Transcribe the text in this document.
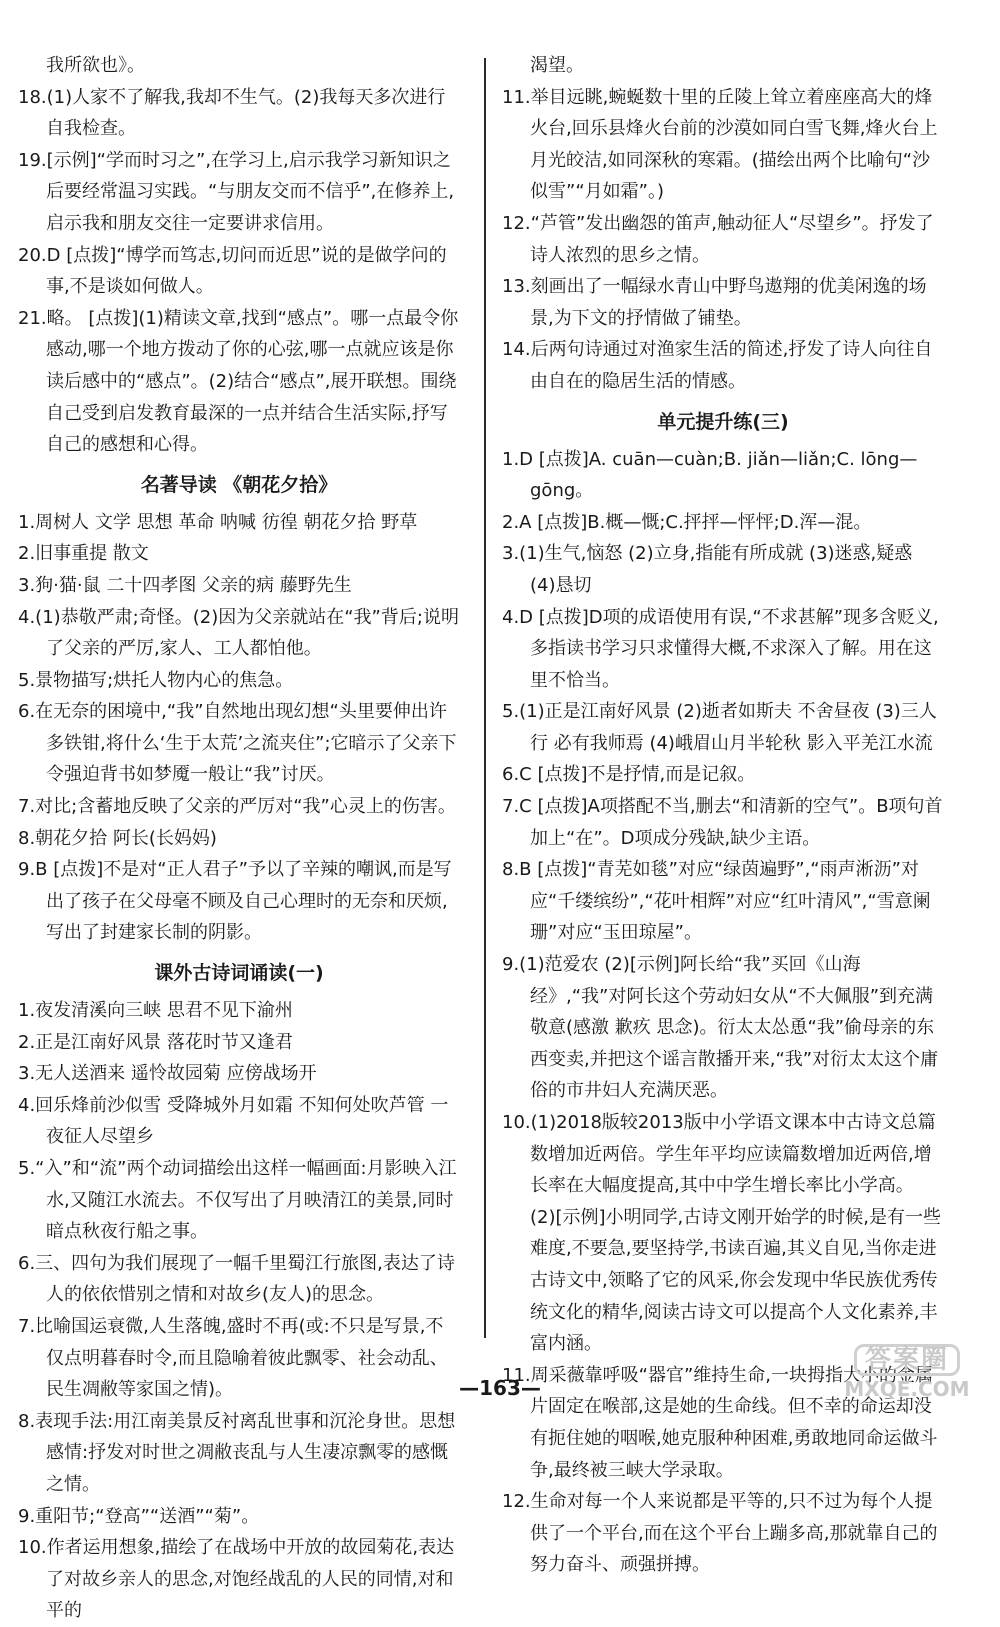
我所欲也》。

18.(1)人家不了解我,我却不生气。(2)我每天多次进行自我检查。

19.[示例]“学而时习之”,在学习上,启示我学习新知识之后要经常温习实践。“与朋友交而不信乎”,在修养上,启示我和朋友交往一定要讲求信用。

20.D [点拨]“博学而笃志,切问而近思”说的是做学问的事,不是谈如何做人。

21.略。 [点拨](1)精读文章,找到“感点”。哪一点最令你感动,哪一个地方拨动了你的心弦,哪一点就应该是你读后感中的“感点”。(2)结合“感点”,展开联想。围绕自己受到启发教育最深的一点并结合生活实际,抒写自己的感想和心得。

名著导读 《朝花夕拾》

1.周树人 文学 思想 革命 呐喊 彷徨 朝花夕拾 野草

2.旧事重提 散文

3.狗·猫·鼠 二十四孝图 父亲的病 藤野先生

4.(1)恭敬严肃;奇怪。(2)因为父亲就站在“我”背后;说明了父亲的严厉,家人、工人都怕他。

5.景物描写;烘托人物内心的焦急。

6.在无奈的困境中,“我”自然地出现幻想“头里要伸出许多铁钳,将什么‘生于太荒’之流夹住”;它暗示了父亲下令强迫背书如梦魇一般让“我”讨厌。

7.对比;含蓄地反映了父亲的严厉对“我”心灵上的伤害。

8.朝花夕拾 阿长(长妈妈)

9.B [点拨]不是对“正人君子”予以了辛辣的嘲讽,而是写出了孩子在父母毫不顾及自己心理时的无奈和厌烦,写出了封建家长制的阴影。

课外古诗词诵读(一)

1.夜发清溪向三峡 思君不见下渝州

2.正是江南好风景 落花时节又逢君

3.无人送酒来 遥怜故园菊 应傍战场开

4.回乐烽前沙似雪 受降城外月如霜 不知何处吹芦管 一夜征人尽望乡

5.“入”和“流”两个动词描绘出这样一幅画面:月影映入江水,又随江水流去。不仅写出了月映清江的美景,同时暗点秋夜行船之事。

6.三、四句为我们展现了一幅千里蜀江行旅图,表达了诗人的依依惜别之情和对故乡(友人)的思念。

7.比喻国运衰微,人生落魄,盛时不再(或:不只是写景,不仅点明暮春时令,而且隐喻着彼此飘零、社会动乱、民生凋敝等家国之情)。

8.表现手法:用江南美景反衬离乱世事和沉沦身世。思想感情:抒发对时世之凋敝丧乱与人生凄凉飘零的感慨之情。

9.重阳节;“登高”“送酒”“菊”。

10.作者运用想象,描绘了在战场中开放的故园菊花,表达了对故乡亲人的思念,对饱经战乱的人民的同情,对和平的

渴望。

11.举目远眺,蜿蜒数十里的丘陵上耸立着座座高大的烽火台,回乐县烽火台前的沙漠如同白雪飞舞,烽火台上月光皎洁,如同深秋的寒霜。(描绘出两个比喻句“沙似雪”“月如霜”。)

12.“芦管”发出幽怨的笛声,触动征人“尽望乡”。抒发了诗人浓烈的思乡之情。

13.刻画出了一幅绿水青山中野鸟遨翔的优美闲逸的场景,为下文的抒情做了铺垫。

14.后两句诗通过对渔家生活的简述,抒发了诗人向往自由自在的隐居生活的情感。

单元提升练(三)

1.D [点拨]A. cuān—cuàn;B. jiǎn—liǎn;C. lōng—gōng。

2.A [点拨]B.概—慨;C.抨抨—怦怦;D.浑—混。

3.(1)生气,恼怒 (2)立身,指能有所成就 (3)迷惑,疑惑

(4)恳切

4.D [点拨]D项的成语使用有误,“不求甚解”现多含贬义,多指读书学习只求懂得大概,不求深入了解。用在这里不恰当。

5.(1)正是江南好风景 (2)逝者如斯夫 不舍昼夜 (3)三人行 必有我师焉 (4)峨眉山月半轮秋 影入平羌江水流

6.C [点拨]不是抒情,而是记叙。

7.C [点拨]A项搭配不当,删去“和清新的空气”。B项句首加上“在”。D项成分残缺,缺少主语。

8.B [点拨]“青芜如毯”对应“绿茵遍野”,“雨声淅沥”对应“千缕缤纷”,“花叶相辉”对应“红叶清风”,“雪意阑珊”对应“玉田琼屋”。

9.(1)范爱农 (2)[示例]阿长给“我”买回《山海经》,“我”对阿长这个劳动妇女从“不大佩服”到充满敬意(感激 歉疚 思念)。衍太太怂恿“我”偷母亲的东西变卖,并把这个谣言散播开来,“我”对衍太太这个庸俗的市井妇人充满厌恶。

10.(1)2018版较2013版中小学语文课本中古诗文总篇数增加近两倍。学生年平均应读篇数增加近两倍,增长率在大幅度提高,其中中学生增长率比小学高。

(2)[示例]小明同学,古诗文刚开始学的时候,是有一些难度,不要急,要坚持学,书读百遍,其义自见,当你走进古诗文中,领略了它的风采,你会发现中华民族优秀传统文化的精华,阅读古诗文可以提高个人文化素养,丰富内涵。

11.周采薇靠呼吸“器官”维持生命,一块拇指大小的金属片固定在喉部,这是她的生命线。但不幸的命运却没有扼住她的咽喉,她克服种种困难,勇敢地同命运做斗争,最终被三峡大学录取。

12.生命对每一个人来说都是平等的,只不过为每个人提供了一个平台,而在这个平台上蹦多高,那就靠自己的努力奋斗、顽强拼搏。

—163—
答案圈
MXQE.COM
